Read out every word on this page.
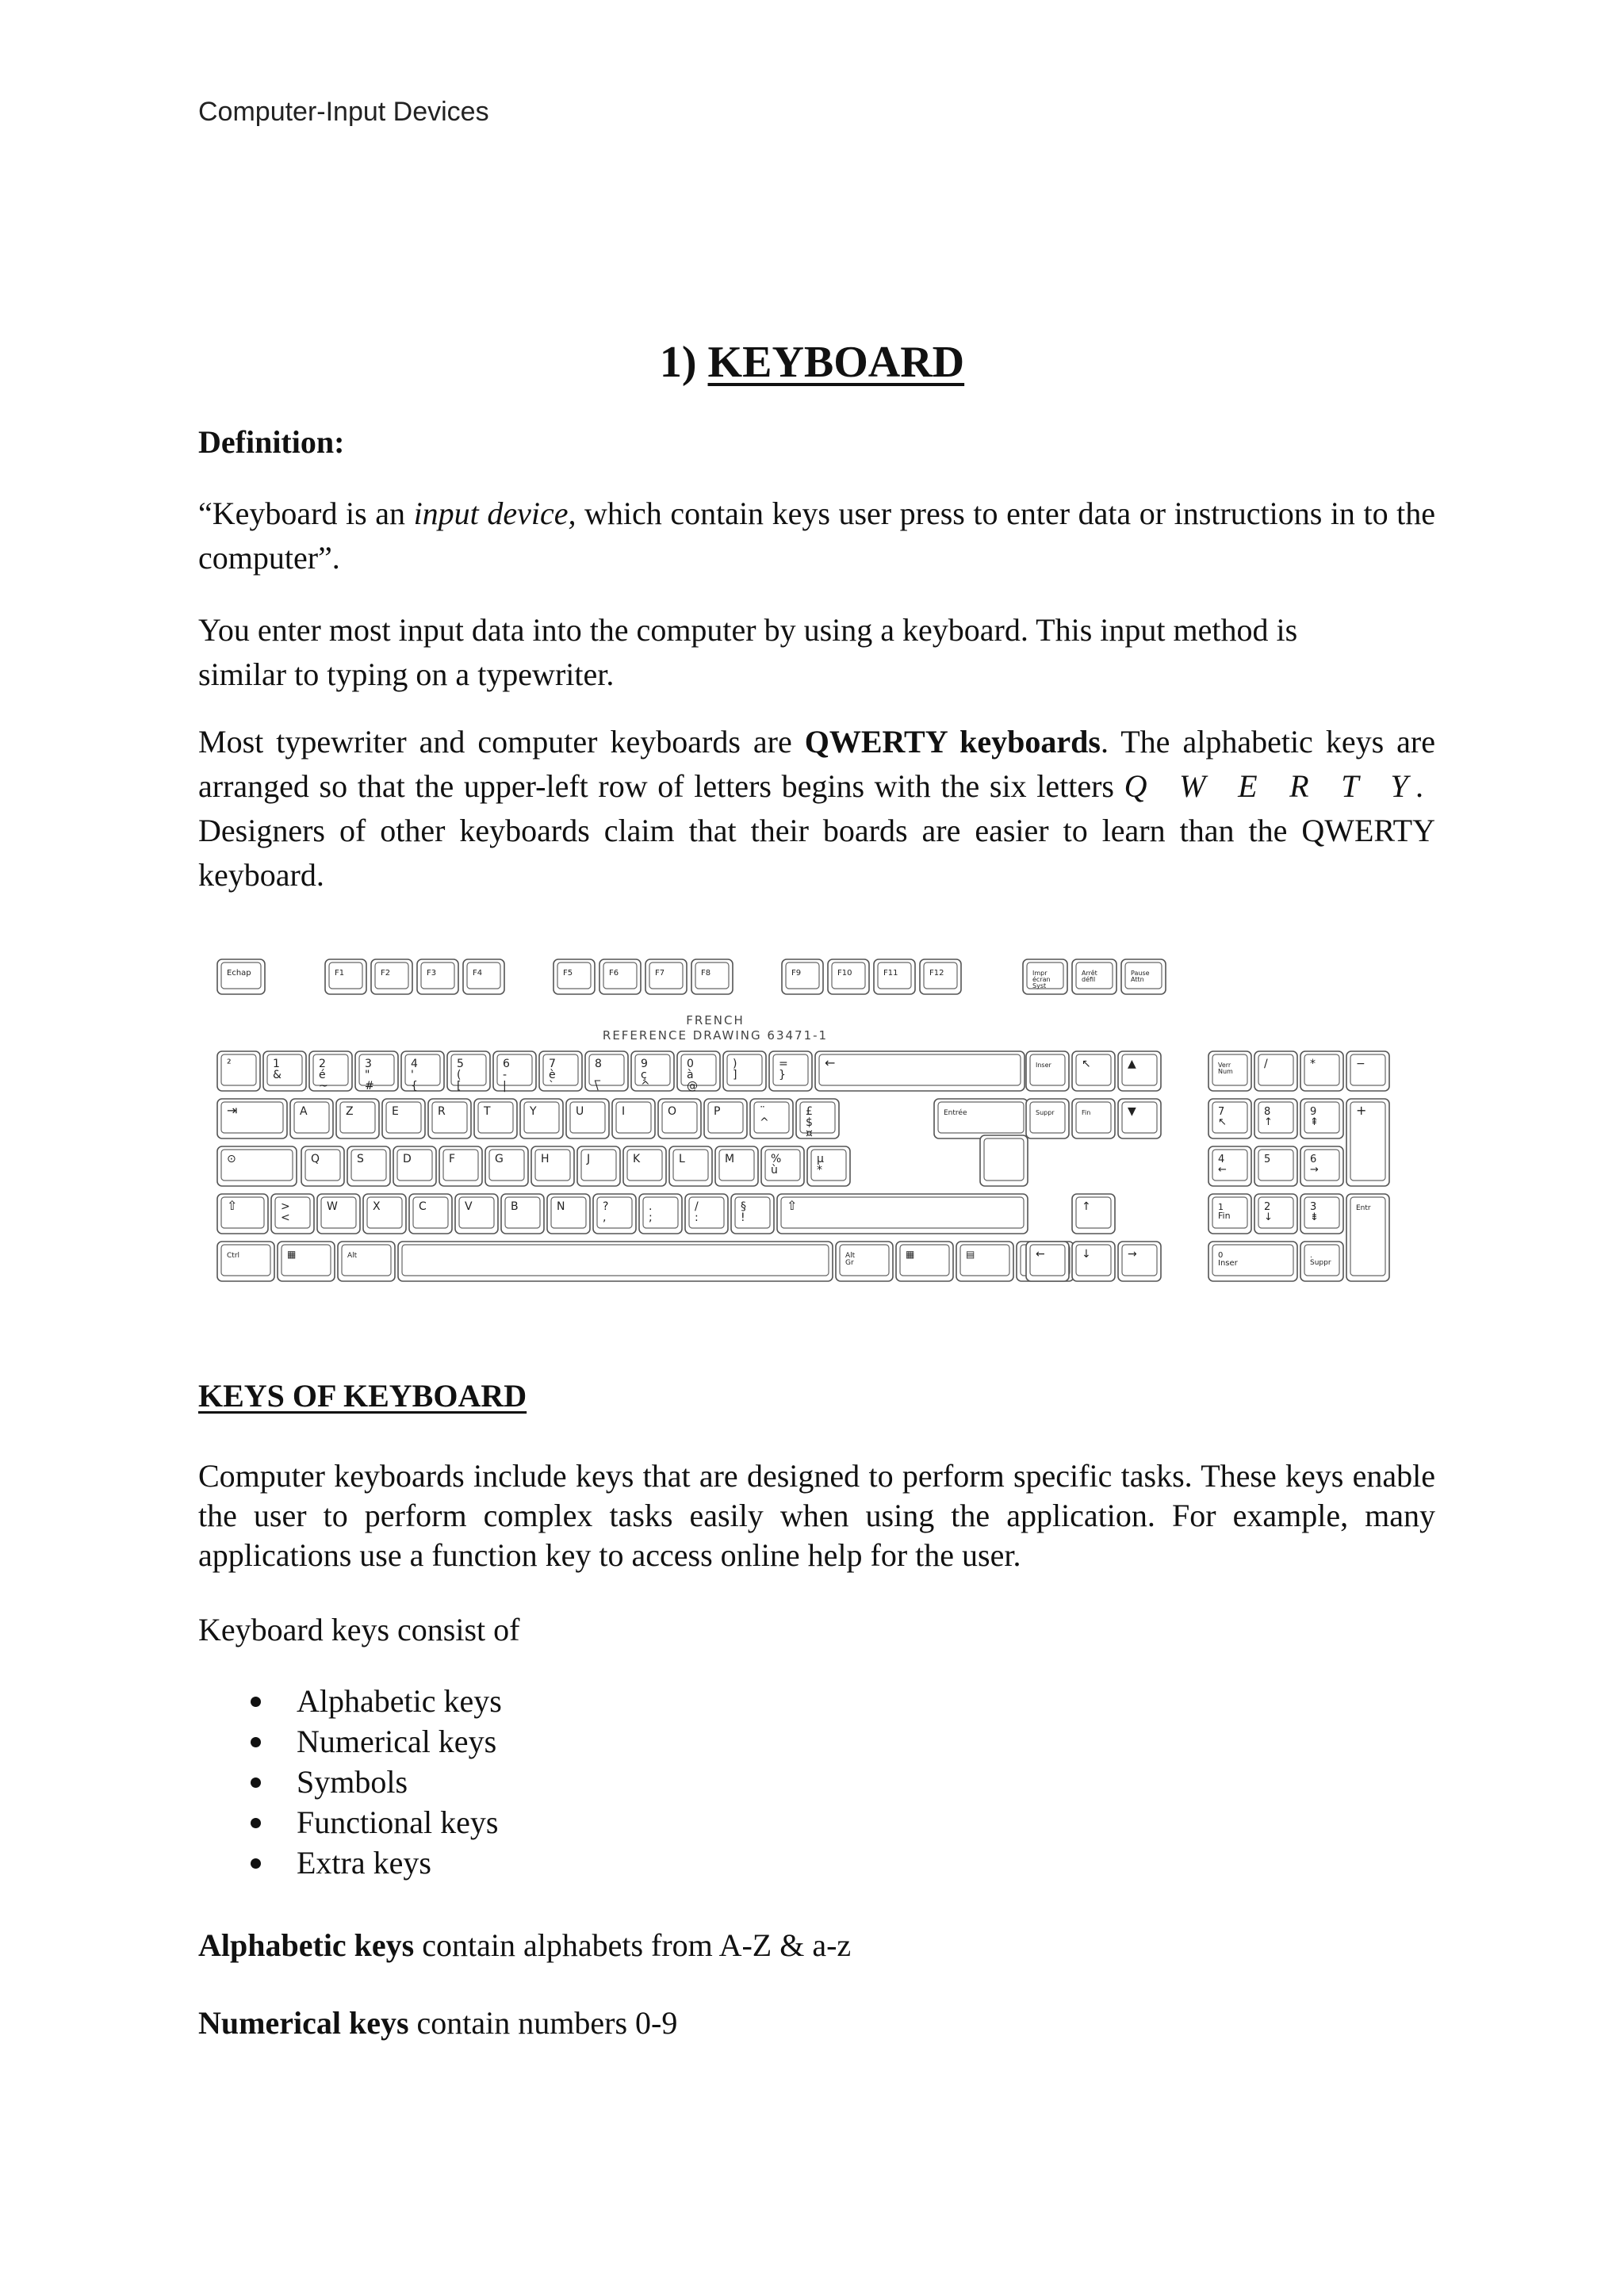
Computer-Input Devices
1) KEYBOARD

Definition:

“Keyboard is an input device, which contain keys user press to enter data or instructions in to the computer”.

You enter most input data into the computer by using a keyboard. This input method is similar to typing on a typewriter.

Most typewriter and computer keyboards are QWERTY keyboards. The alphabetic keys are arranged so that the upper-left row of letters begins with the six letters Q W E R T Y. Designers of other keyboards claim that their boards are easier to learn than the QWERTY keyboard.

Echap	F1	F2	F3	F4	F5	F6	F7	F8	F9	F10	F11	F12	Impr
écran
Syst
Arrêt
défil
Pause
Attn
²	1
&
2
é
~
3
"
#
4
'
{
5
(
[
6
-
|
7
è
`
8
_
\
9
ç
^
0
à
@
)
]
=
}
←
⇥	A	Z	E	R	T	Y	U	I	O	P	¨
^
£
$
¤
Entrée
⊙	Q	S	D	F	G	H	J	K	L	M	%
ù
µ
*
⇧	>
<
W	X	C	V	B	N	?
,
.
;
/
:
§
!
⇧
Ctrl	▦	Alt	Alt
Gr
▦	▤
Inser	↖	▲
Suppr	Fin	▼
↑
←	↓	→
Verr
Num
/	*	−
7
↖
8
↑
9
⇞
+
4
←
5	6
→
1
Fin
2
↓
3
⇟
Entr
0
Inser
.
Suppr
FRENCH
REFERENCE DRAWING 63471-1

KEYS OF KEYBOARD

Computer keyboards include keys that are designed to perform specific tasks. These keys enable the user to perform complex tasks easily when using the application. For example, many applications use a function key to access online help for the user.

Keyboard keys consist of

Alphabetic keys
Numerical keys
Symbols
Functional keys
Extra keys

Alphabetic keys contain alphabets from A-Z & a-z

Numerical keys contain numbers 0-9
